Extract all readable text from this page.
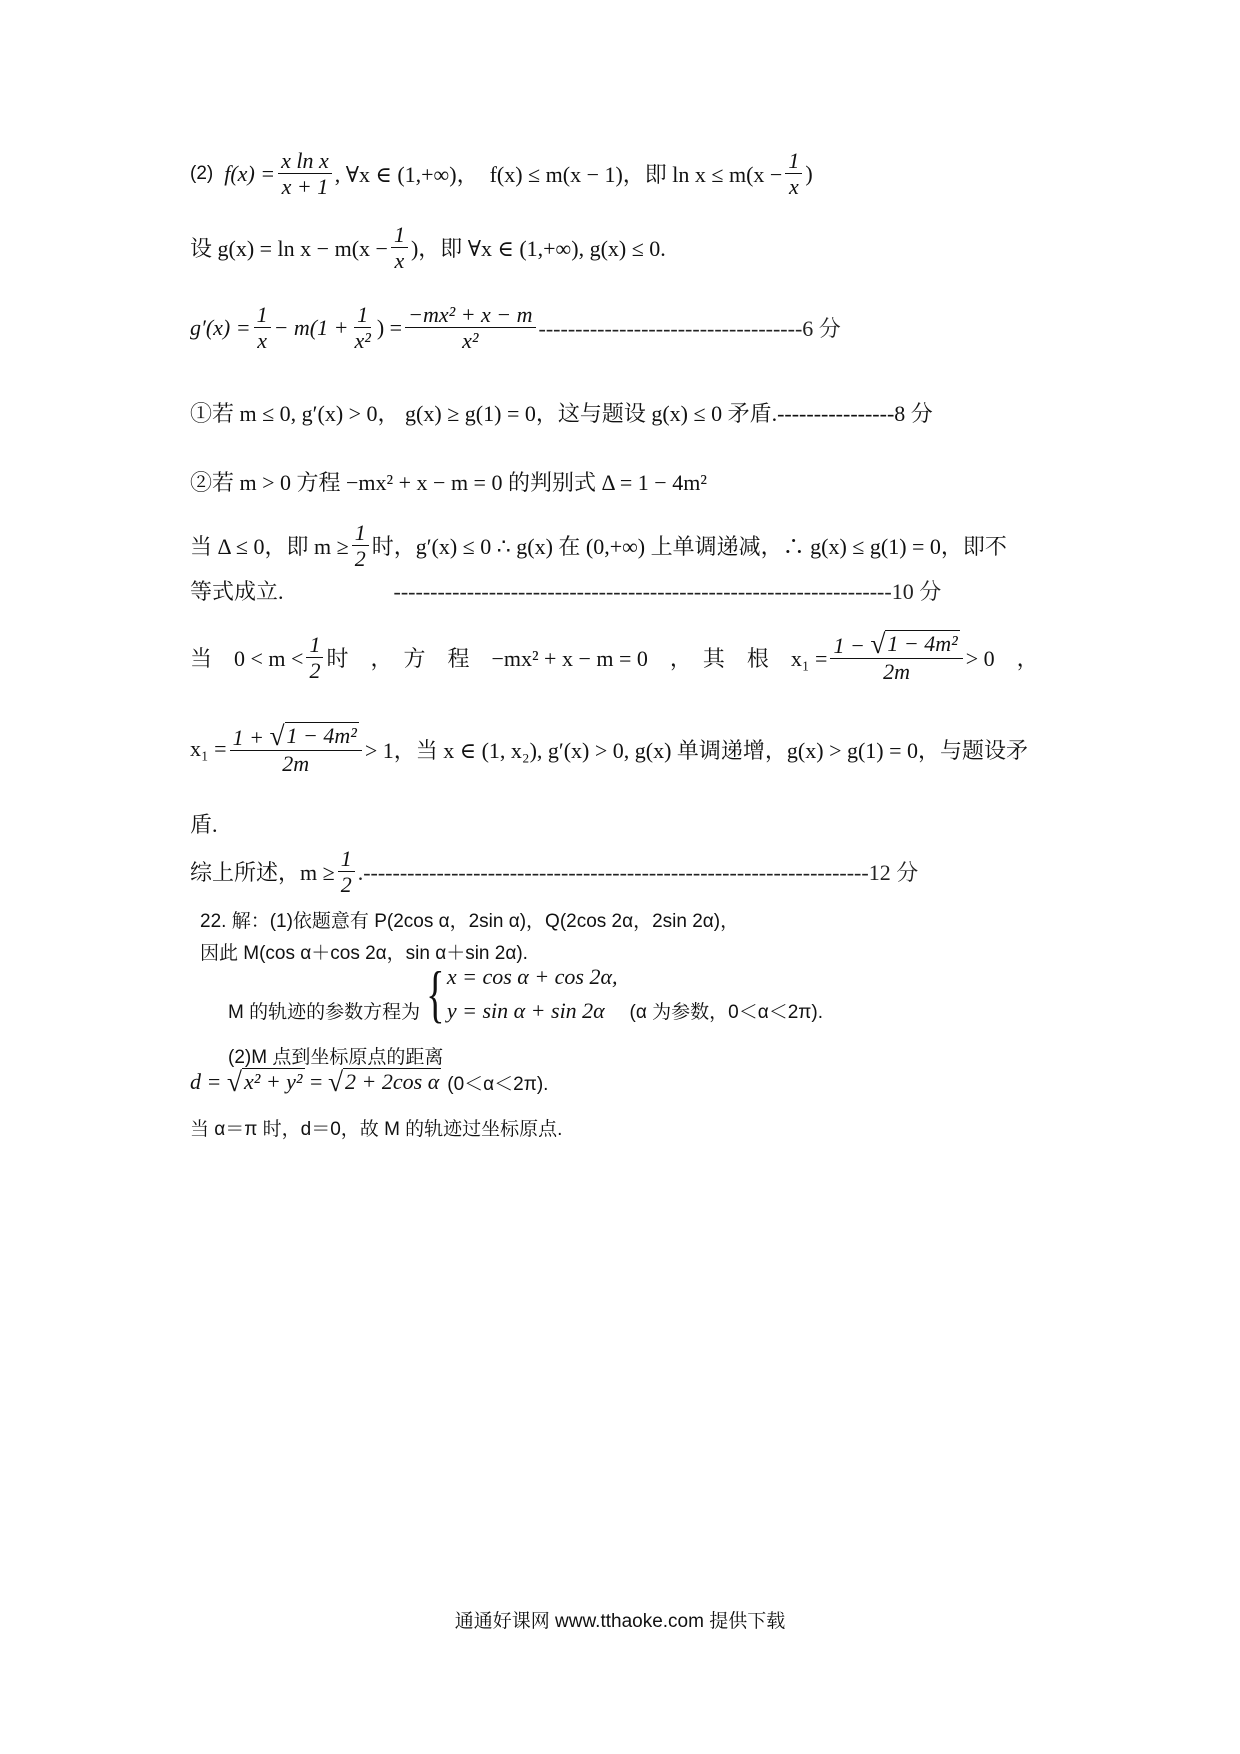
(2)
$f(x) = \frac{\text{x ln x}}{x + 1}$ , ∀x ∈ (1,+∞)，
f(x) ≤ m(x − 1)，即 $\ln x \le m(x - \frac{1}{x}$ )
设 $g(x) = \ln x - m(x - \frac{1}{x}$ )，即 ∀x ∈ (1,+∞), g(x) ≤ 0.
$g'(x) = \frac{1}{x} - m(1 + \frac{1}{\text{x²}}$ ) = $\frac{\text{−mx² + x − m}}{\text{x²}} ------------------------------------6$ 分
①若 m ≤ 0, g′(x) > 0， g(x) ≥ g(1) = 0，这与题设 g(x) ≤ 0 矛盾.----------------8 分
②若 m > 0 方程 −mx² + x − m = 0 的判别式 Δ = 1 − 4m²
当 Δ ≤ 0，即 $m \ge \frac{1}{2}$ 时，g′(x) ≤ 0 ∴ g(x) 在 (0,+∞) 上单调递减，∴ g(x) ≤ g(1) = 0，即不
等式成立.	--------------------------------------------------------------------10 分
当　$0 < m < \frac{1}{2}$ 时　，　方　程　−mx² + x − m = 0　，　其　根　$x_1 = \frac{\text{1 − √ 1 − 4m²}}{2m} > 0$　，
$x_1 = \frac{\text{1 + √ 1 − 4m²}}{2m} > 1$，当 x ∈ (1, x₂), g′(x) > 0, g(x) 单调递增，g(x) > g(1) = 0，与题设矛
盾.
综上所述，$m \ge \frac{1}{2} .---------------------------------------------------------------------12$ 分
22. 解：(1)依题意有 P(2cos α，2sin α)，Q(2cos 2α，2sin 2α)，
因此 M(cos α＋cos 2α，sin α＋sin 2α).
M 的轨迹的参数方程为 { x = cos α + cos 2α,
y = sin α + sin 2α	(α 为参数，0＜α＜2π).
(2)M 点到坐标原点的距离
d =
√ x² + y²
=
√ 2 + 2cos α (0＜α＜2π).
当 α＝π 时，d＝0，故 M 的轨迹过坐标原点.
通通好课网 www.tthaoke.com 提供下载
